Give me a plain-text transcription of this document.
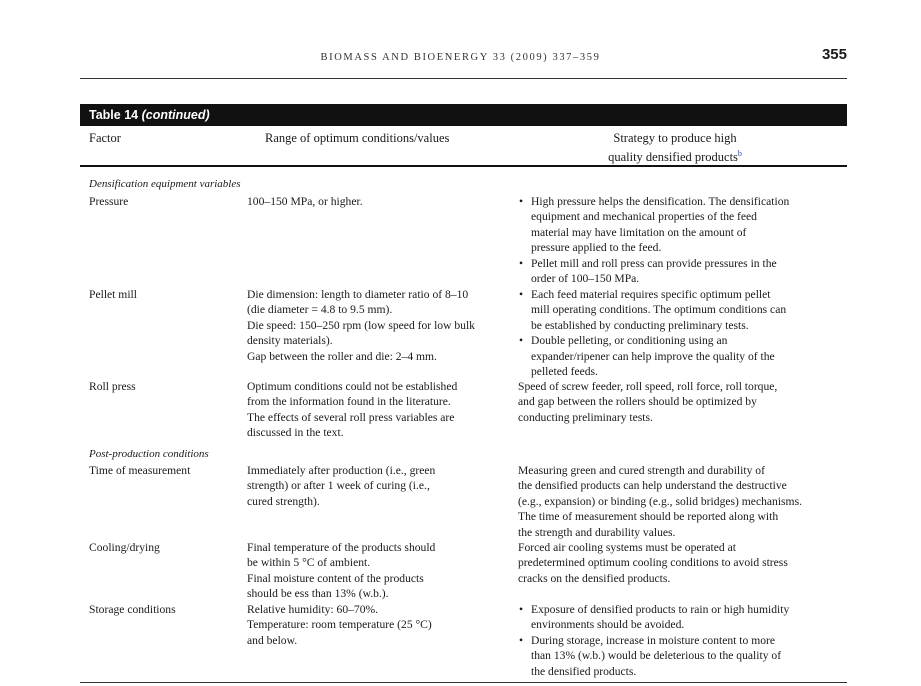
BIOMASS AND BIOENERGY 33 (2009) 337–359	355
Table 14 (continued)
Factor	Range of optimum conditions/values	Strategy to produce high
quality densified products$^b$
Densification equipment variables
Pressure	100–150 MPa, or higher.
•	High pressure helps the densification. The densification
equipment and mechanical properties of the feed
material may have limitation on the amount of
pressure applied to the feed.
• Pellet mill and roll press can provide pressures in the
order of 100–150 MPa.
Pellet mill	Die dimension: length to diameter ratio of 8–10
(die diameter = 4.8 to 9.5 mm).
Die speed: 150–250 rpm (low speed for low bulk
density materials).
Gap between the roller and die: 2–4 mm.
• Each feed material requires specific optimum pellet
mill operating conditions. The optimum conditions can
be established by conducting preliminary tests.
• Double pelleting, or conditioning using an
expander/ripener can help improve the quality of the
pelleted feeds.
Roll press	Optimum conditions could not be established
from the information found in the literature.
The effects of several roll press variables are
discussed in the text.
Speed of screw feeder, roll speed, roll force, roll torque,
and gap between the rollers should be optimized by
conducting preliminary tests.
Post-production conditions
Time of measurement	Immediately after production (i.e., green
strength) or after 1 week of curing (i.e.,
cured strength).
Measuring green and cured strength and durability of
the densified products can help understand the destructive
(e.g., expansion) or binding (e.g., solid bridges) mechanisms.
The time of measurement should be reported along with
the strength and durability values.
Cooling/drying	Final temperature of the products should
be within 5 °C of ambient.
Final moisture content of the products
should be ess than 13% (w.b.).
Forced air cooling systems must be operated at
predetermined optimum cooling conditions to avoid stress
cracks on the densified products.
Storage conditions	Relative humidity: 60–70%.
Temperature: room temperature (25 °C)
and below.
• Exposure of densified products to rain or high humidity
environments should be avoided.
• During storage, increase in moisture content to more
than 13% (w.b.) would be deleterious to the quality of
the densified products.
